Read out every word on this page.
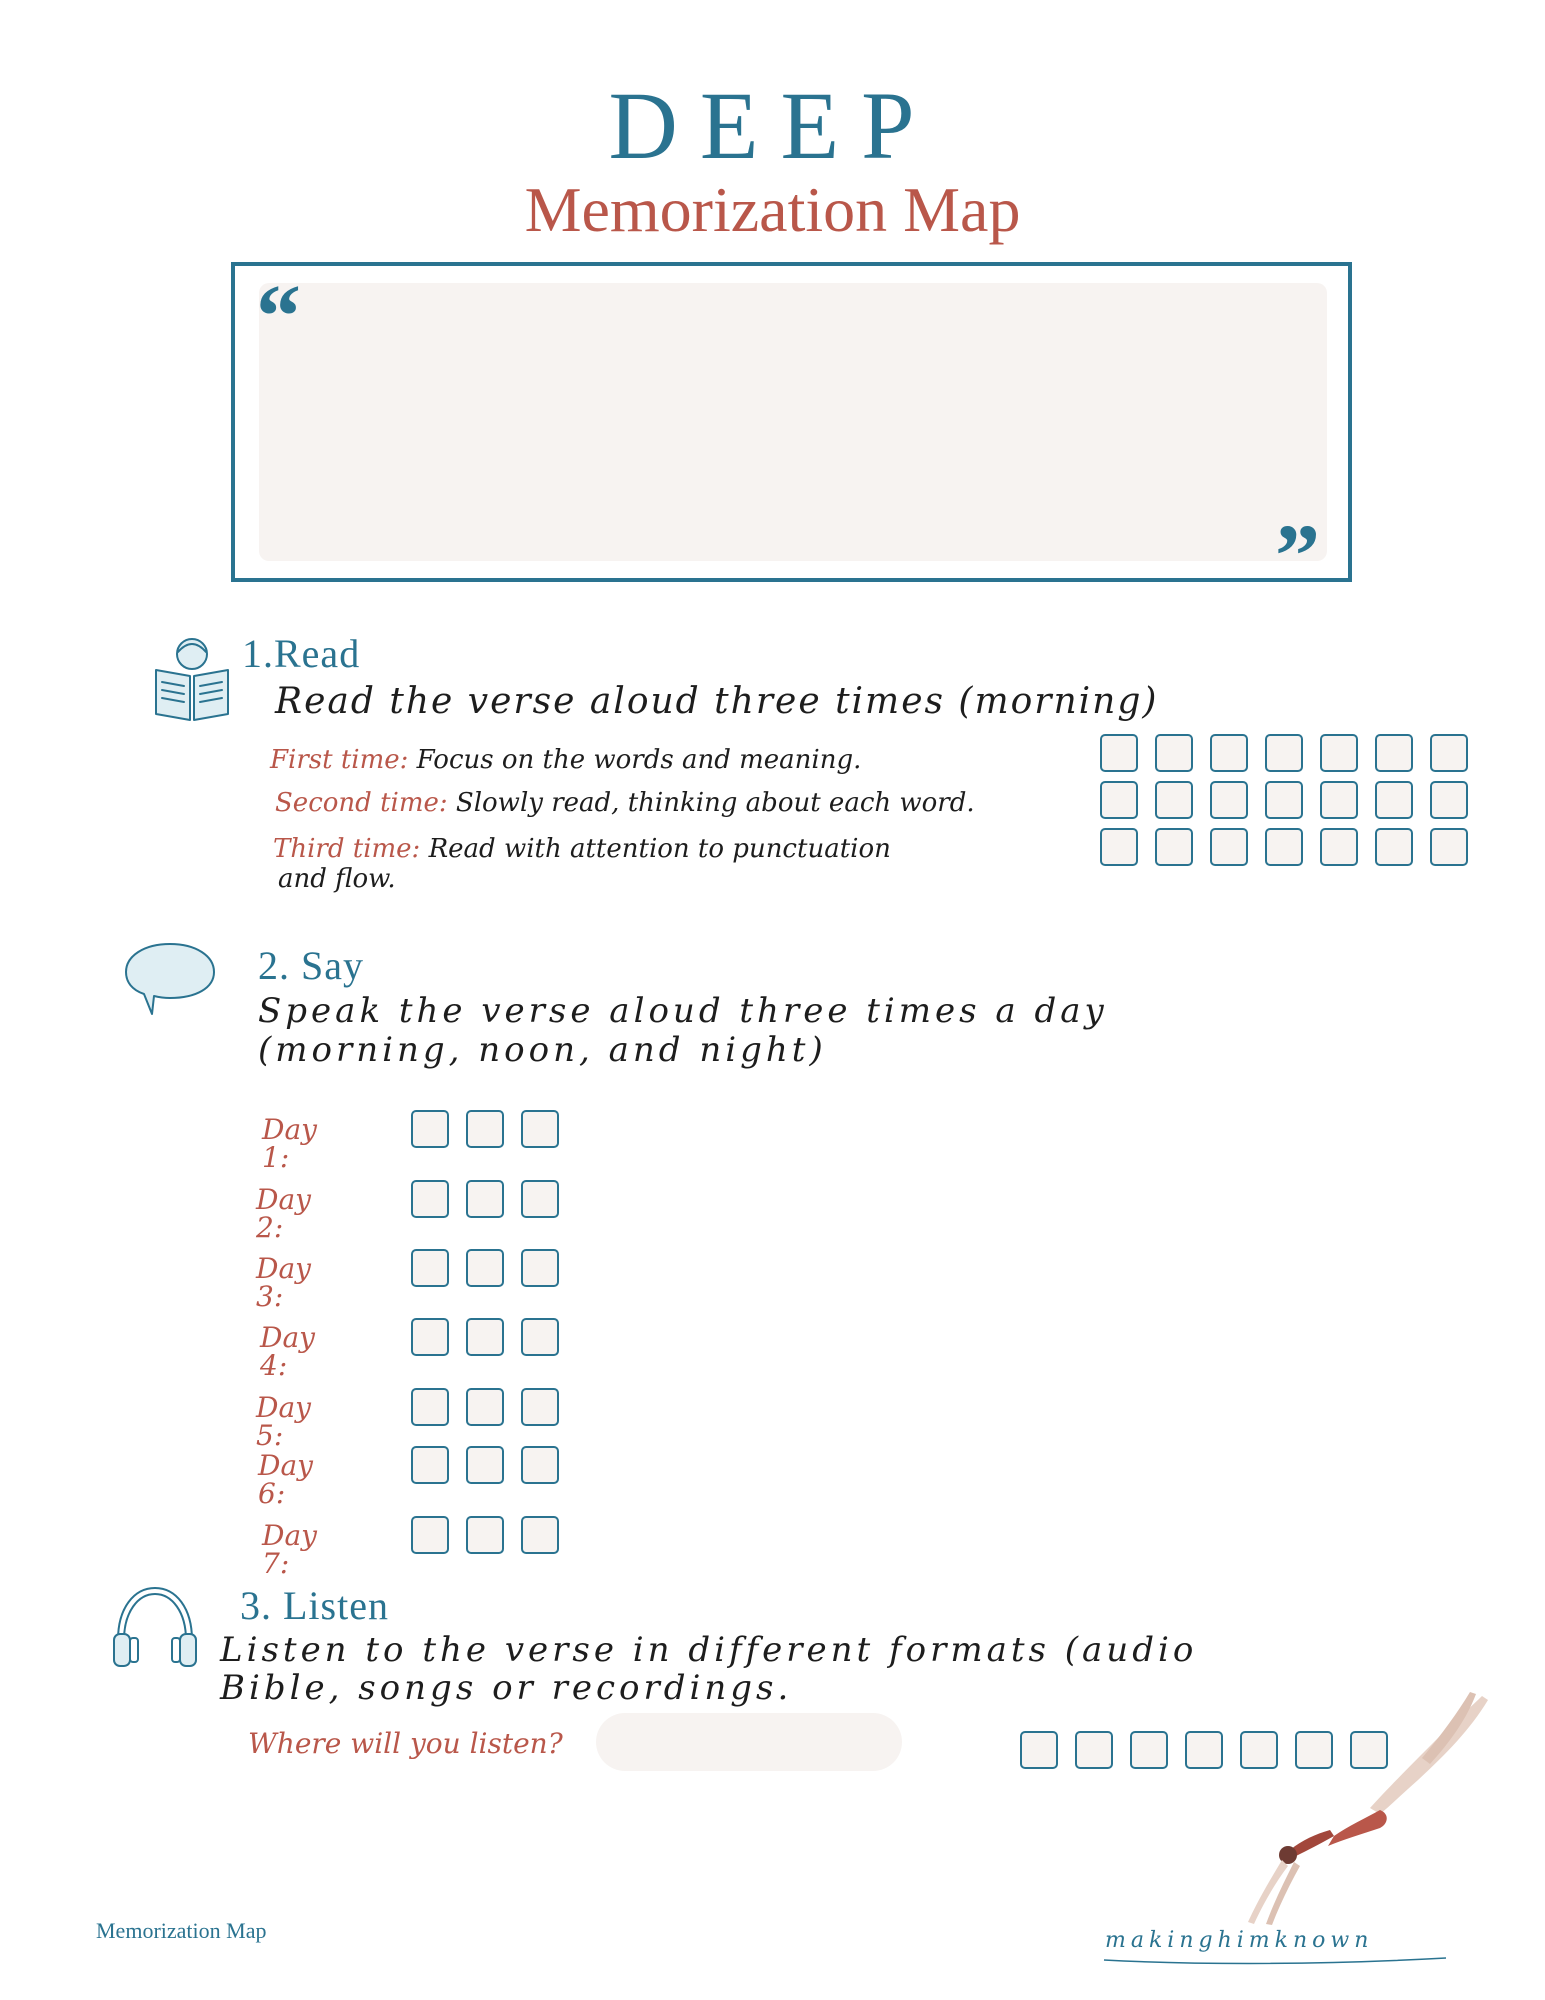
DEEP
Memorization Map
“
”
1.Read
Read the verse aloud three times (morning)
First time: Focus on the words and meaning.
Second time: Slowly read, thinking about each word.
Third time: Read with attention to punctuation
and flow.
2. Say
Speak the verse aloud three times a day
(morning, noon, and night)
Day 1:
Day 2:
Day 3:
Day 4:
Day 5:
Day 6:
Day 7:
3. Listen
Listen to the verse in different formats (audio
Bible, songs or recordings.
Where will you listen?
Memorization Map	makinghimknown
